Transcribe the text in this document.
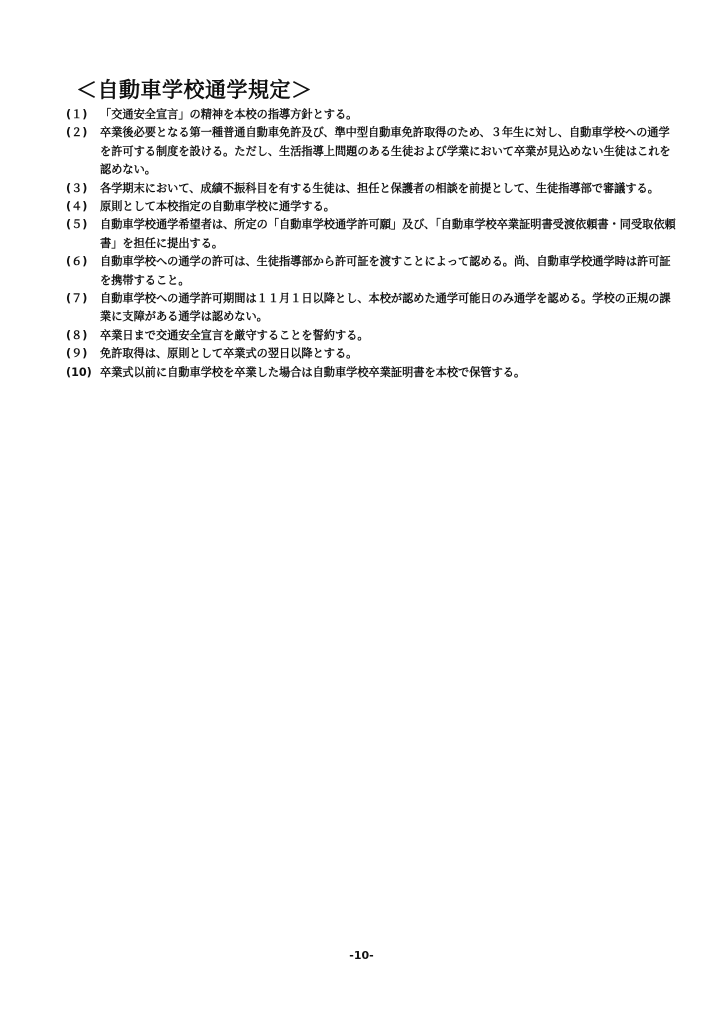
＜自動車学校通学規定＞
(１)	「交通安全宣言」の精神を本校の指導方針とする。
(２)	卒業後必要となる第一種普通自動車免許及び、準中型自動車免許取得のため、３年生に対し、自動車学校への通学を許可する制度を設ける。ただし、生活指導上問題のある生徒および学業において卒業が見込めない生徒はこれを認めない。
(３)	各学期末において、成績不振科目を有する生徒は、担任と保護者の相談を前提として、生徒指導部で審議する。
(４)	原則として本校指定の自動車学校に通学する。
(５)	自動車学校通学希望者は、所定の「自動車学校通学許可願」及び、「自動車学校卒業証明書受渡依頼書・同受取依頼書」を担任に提出する。
(６)	自動車学校への通学の許可は、生徒指導部から許可証を渡すことによって認める。尚、自動車学校通学時は許可証を携帯すること。
(７)	自動車学校への通学許可期間は１１月１日以降とし、本校が認めた通学可能日のみ通学を認める。学校の正規の課業に支障がある通学は認めない。
(８)	卒業日まで交通安全宣言を厳守することを誓約する。
(９)	免許取得は、原則として卒業式の翌日以降とする。
(10) 卒業式以前に自動車学校を卒業した場合は自動車学校卒業証明書を本校で保管する。
-10-
